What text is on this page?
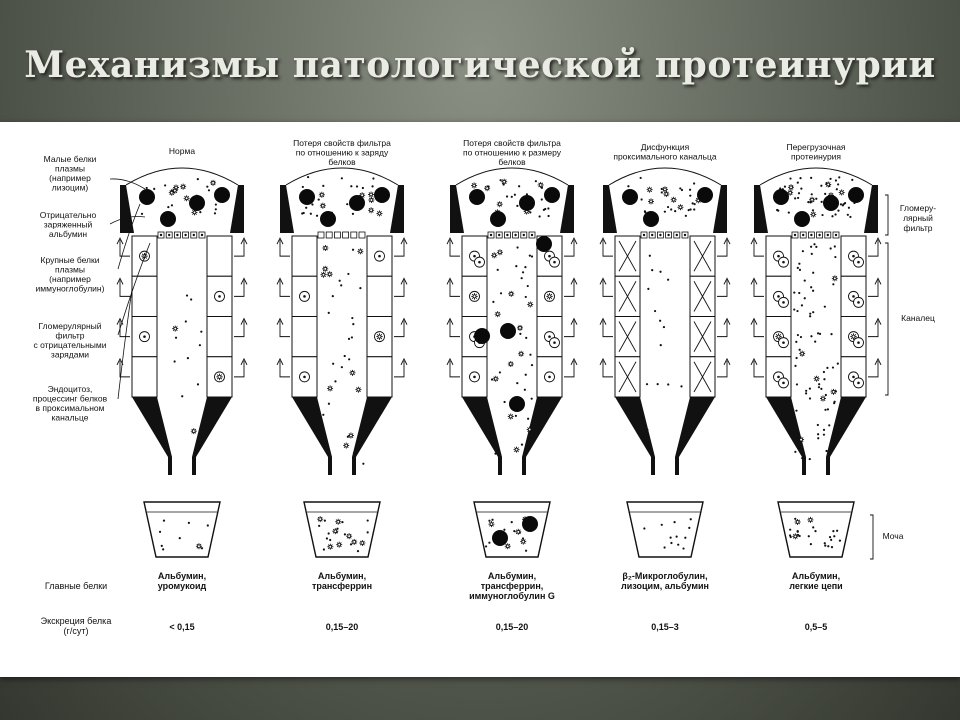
Механизмы патологической протеинурии
< 0,15
Норма
Альбумин,
уромукоид
0,15–20
Потеря свойств фильтра
по отношению к заряду
белков
Альбумин,
трансферрин
0,15–20
Потеря свойств фильтра
по отношению к размеру
белков
Альбумин,
трансферрин,
иммуноглобулин G
0,15–3
Дисфункция
проксимального канальца
β₂-Микроглобулин,
лизоцим, альбумин
0,5–5
Перегрузочная
протеинурия
Альбумин,
легкие цепи
Малые белки
плазмы
(например
лизоцим)
Отрицательно
заряженный
альбумин
Крупные белки
плазмы
(например
иммуноглобулин)
Гломерулярный
фильтр
с отрицательными
зарядами
Эндоцитоз,
процессинг белков
в проксимальном
канальце
Гломеру-
лярный
фильтр
Каналец
Моча
Главные белки
Экскреция белка
(г/сут)
